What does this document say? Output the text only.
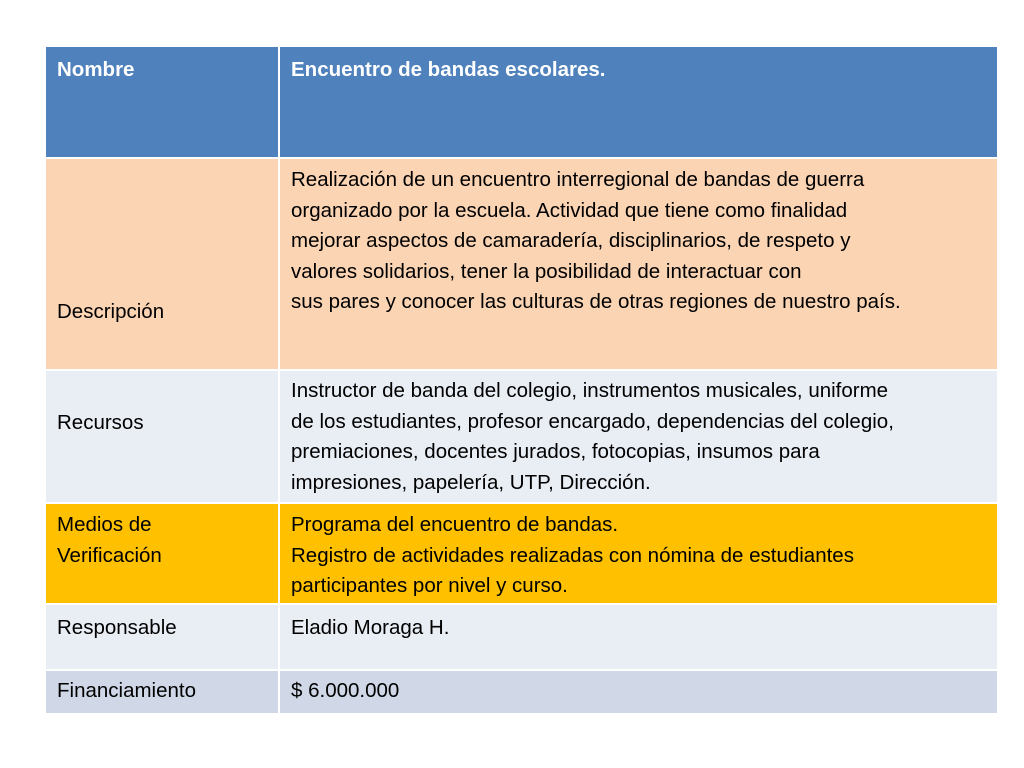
Nombre	Encuentro de bandas escolares.

Descripción	Realización de un encuentro interregional de bandas de guerra
organizado por la escuela. Actividad que tiene como finalidad
mejorar aspectos de camaradería, disciplinarios, de respeto y
valores solidarios, tener la posibilidad de interactuar con
sus pares y conocer las culturas de otras regiones de nuestro país.

Recursos	Instructor de banda del colegio, instrumentos musicales, uniforme
de los estudiantes, profesor encargado, dependencias del colegio,
premiaciones, docentes jurados, fotocopias, insumos para
impresiones, papelería, UTP, Dirección.

Medios de
Verificación	Programa del encuentro de bandas.
Registro de actividades realizadas con nómina de estudiantes
participantes por nivel y curso.

Responsable	Eladio Moraga H.

Financiamiento	$ 6.000.000
